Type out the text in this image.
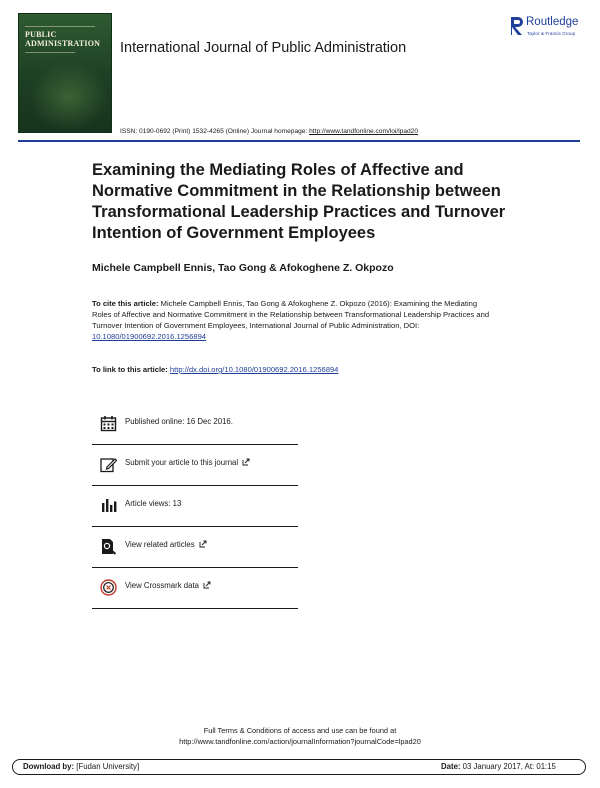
PUBLIC
ADMINISTRATION International Journal of Public Administration
Routledge
Taylor & Francis Group
ISSN: 0190-0692 (Print) 1532-4265 (Online) Journal homepage: http://www.tandfonline.com/loi/lpad20
Examining the Mediating Roles of Affective and Normative Commitment in the Relationship between Transformational Leadership Practices and Turnover Intention of Government Employees
Michele Campbell Ennis, Tao Gong & Afokoghene Z. Okpozo
To cite this article: Michele Campbell Ennis, Tao Gong & Afokoghene Z. Okpozo (2016): Examining the Mediating Roles of Affective and Normative Commitment in the Relationship between Transformational Leadership Practices and Turnover Intention of Government Employees, International Journal of Public Administration, DOI: 10.1080/01900692.2016.1256894
To link to this article: http://dx.doi.org/10.1080/01900692.2016.1256894
Published online: 16 Dec 2016.
Submit your article to this journal
Article views: 13
View related articles
View Crossmark data
Full Terms & Conditions of access and use can be found at
http://www.tandfonline.com/action/journalInformation?journalCode=lpad20
Download by: [Fudan University]	Date: 03 January 2017, At: 01:15
